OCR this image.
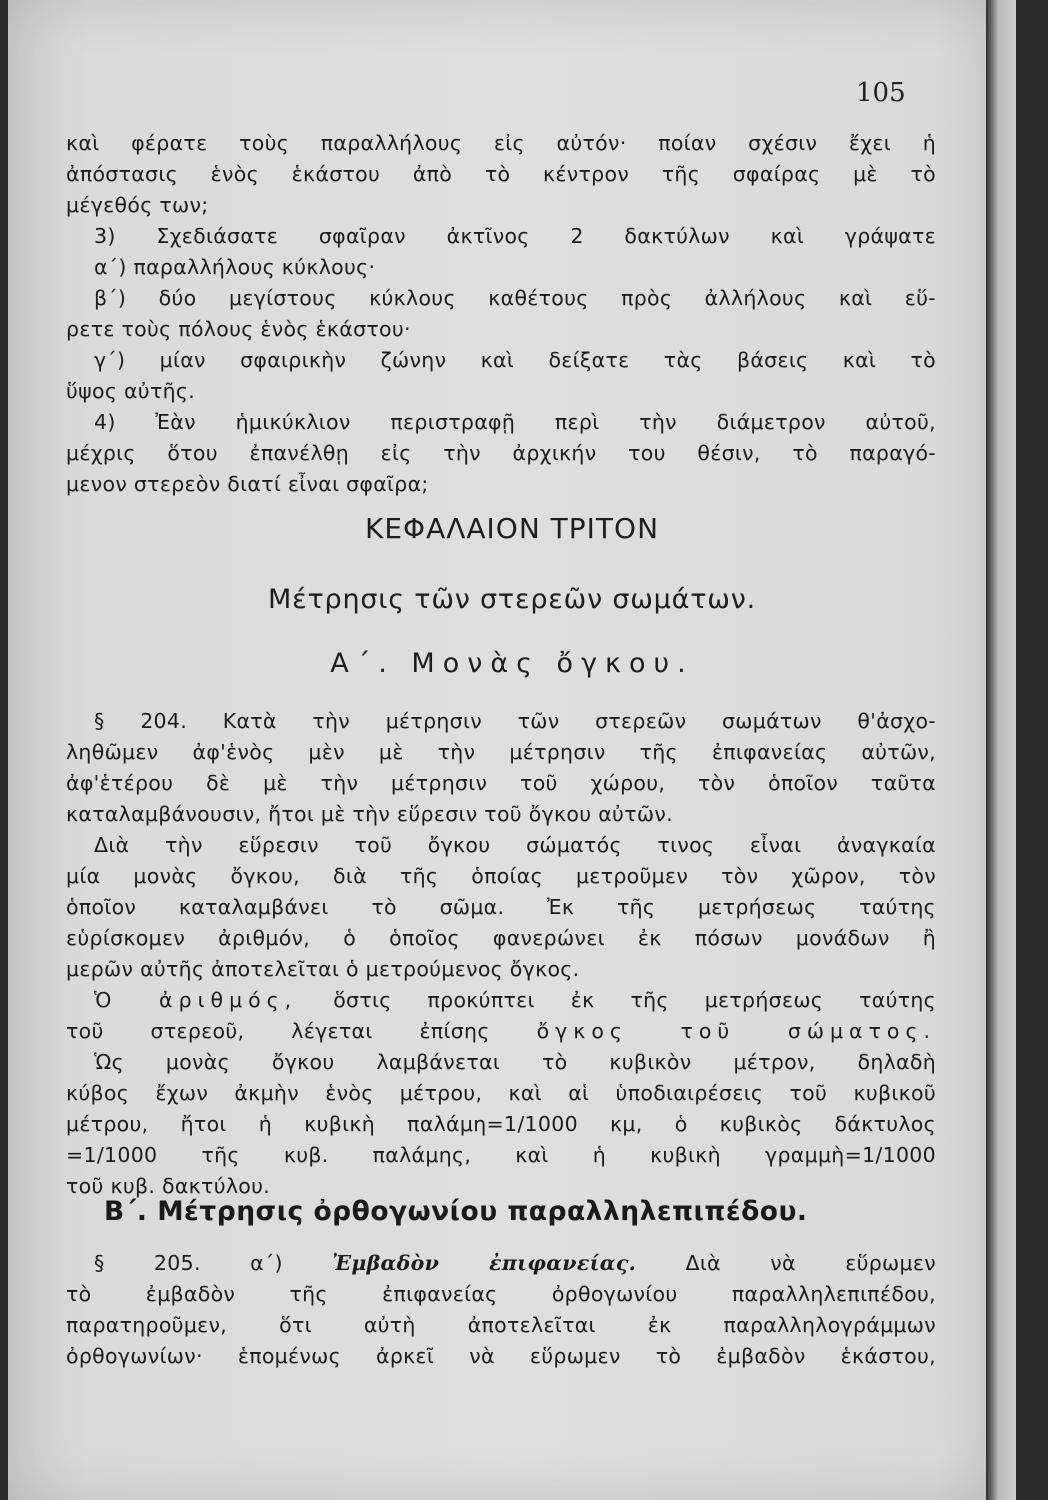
105
καὶ φέρατε τοὺς παραλλήλους εἰς αὐτόν· ποίαν σχέσιν ἔχει ἡ
ἀπόστασις ἑνὸς ἑκάστου ἀπὸ τὸ κέντρον τῆς σφαίρας μὲ τὸ
μέγεθός των;
3) Σχεδιάσατε σφαῖραν ἀκτῖνος 2 δακτύλων καὶ γράψατε
α΄) παραλλήλους κύκλους·
β΄) δύο μεγίστους κύκλους καθέτους πρὸς ἀλλήλους καὶ εὕ-
ρετε τοὺς πόλους ἑνὸς ἑκάστου·
γ΄) μίαν σφαιρικὴν ζώνην καὶ δείξατε τὰς βάσεις καὶ τὸ
ὕψος αὐτῆς.
4) Ἐὰν ἡμικύκλιον περιστραφῇ περὶ τὴν διάμετρον αὐτοῦ,
μέχρις ὅτου ἐπανέλθῃ εἰς τὴν ἀρχικήν του θέσιν, τὸ παραγό-
μενον στερεὸν διατί εἶναι σφαῖρα;
ΚΕΦΑΛΑΙΟΝ ΤΡΙΤΟΝ
Μέτρησις τῶν στερεῶν σωμάτων.
Α΄. Μονὰς ὄγκου.
§ 204. Κατὰ τὴν μέτρησιν τῶν στερεῶν σωμάτων θ'ἀσχο-
ληθῶμεν ἀφ'ἑνὸς μὲν μὲ τὴν μέτρησιν τῆς ἐπιφανείας αὐτῶν,
ἀφ'ἑτέρου δὲ μὲ τὴν μέτρησιν τοῦ χώρου, τὸν ὁποῖον ταῦτα
καταλαμβάνουσιν, ἤτοι μὲ τὴν εὕρεσιν τοῦ ὄγκου αὐτῶν.
Διὰ τὴν εὕρεσιν τοῦ ὄγκου σώματός τινος εἶναι ἀναγκαία
μία μονὰς ὄγκου, διὰ τῆς ὁποίας μετροῦμεν τὸν χῶρον, τὸν
ὁποῖον καταλαμβάνει τὸ σῶμα. Ἐκ τῆς μετρήσεως ταύτης
εὑρίσκομεν ἀριθμόν, ὁ ὁποῖος φανερώνει ἐκ πόσων μονάδων ἢ
μερῶν αὐτῆς ἀποτελεῖται ὁ μετρούμενος ὄγκος.
Ὁ ἀριθμός, ὅστις προκύπτει ἐκ τῆς μετρήσεως ταύτης
τοῦ στερεοῦ, λέγεται ἐπίσης ὄγκος τοῦ σώματος.
Ὡς μονὰς ὄγκου λαμβάνεται τὸ κυβικὸν μέτρον, δηλαδὴ
κύβος ἔχων ἀκμὴν ἑνὸς μέτρου, καὶ αἱ ὑποδιαιρέσεις τοῦ κυβικοῦ
μέτρου, ἤτοι ἡ κυβικὴ παλάμη=1/1000 κμ, ὁ κυβικὸς δάκτυλος
=1/1000 τῆς κυβ. παλάμης, καὶ ἡ κυβικὴ γραμμὴ=1/1000
τοῦ κυβ. δακτύλου.
Β΄. Μέτρησις ὀρθογωνίου παραλληλεπιπέδου.
§ 205. α΄) Ἐμβαδὸν ἐπιφανείας. Διὰ νὰ εὕρωμεν
τὸ ἐμβαδὸν τῆς ἐπιφανείας ὀρθογωνίου παραλληλεπιπέδου,
παρατηροῦμεν, ὅτι αὐτὴ ἀποτελεῖται ἐκ παραλληλογράμμων
ὀρθογωνίων· ἑπομένως ἀρκεῖ νὰ εὕρωμεν τὸ ἐμβαδὸν ἑκάστου,
